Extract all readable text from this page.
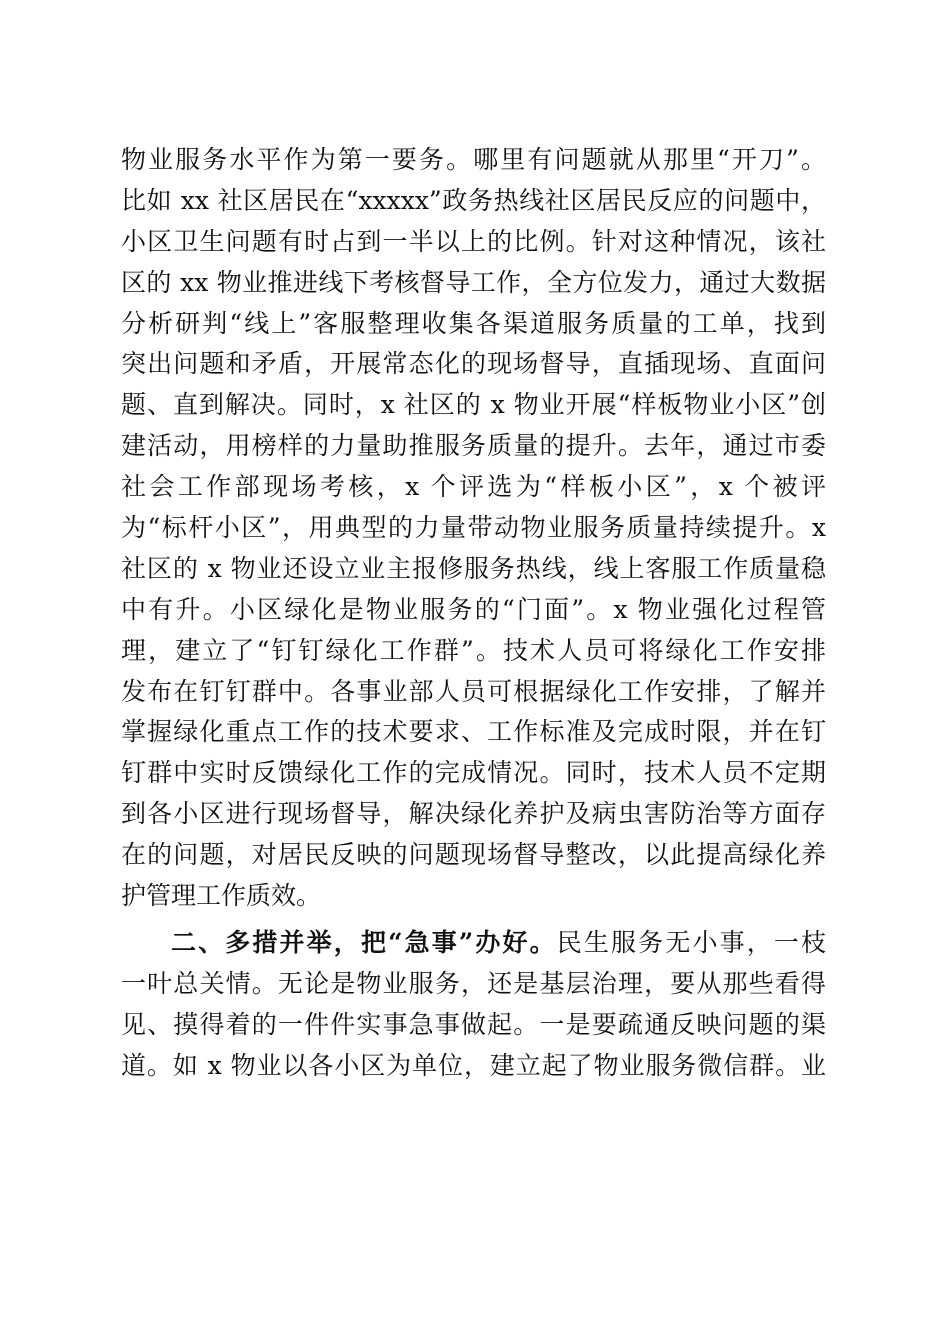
物业服务水平作为第一要务。哪里有问题就从那里“开刀”。
比如 xx 社区居民在“xxxxx”政务热线社区居民反应的问题中，
小区卫生问题有时占到一半以上的比例。针对这种情况，该社
区的 xx 物业推进线下考核督导工作，全方位发力，通过大数据
分析研判“线上”客服整理收集各渠道服务质量的工单，找到
突出问题和矛盾，开展常态化的现场督导，直插现场、直面问
题、直到解决。同时，x 社区的 x 物业开展“样板物业小区”创
建活动，用榜样的力量助推服务质量的提升。去年，通过市委
社会工作部现场考核，x 个评选为“样板小区”，x 个被评
为“标杆小区”，用典型的力量带动物业服务质量持续提升。x
社区的 x 物业还设立业主报修服务热线，线上客服工作质量稳
中有升。小区绿化是物业服务的“门面”。x 物业强化过程管
理，建立了“钉钉绿化工作群”。技术人员可将绿化工作安排
发布在钉钉群中。各事业部人员可根据绿化工作安排，了解并
掌握绿化重点工作的技术要求、工作标准及完成时限，并在钉
钉群中实时反馈绿化工作的完成情况。同时，技术人员不定期
到各小区进行现场督导，解决绿化养护及病虫害防治等方面存
在的问题，对居民反映的问题现场督导整改，以此提高绿化养
护管理工作质效。
二、多措并举，把“急事”办好。民生服务无小事，一枝
一叶总关情。无论是物业服务，还是基层治理，要从那些看得
见、摸得着的一件件实事急事做起。一是要疏通反映问题的渠
道。如 x 物业以各小区为单位，建立起了物业服务微信群。业
